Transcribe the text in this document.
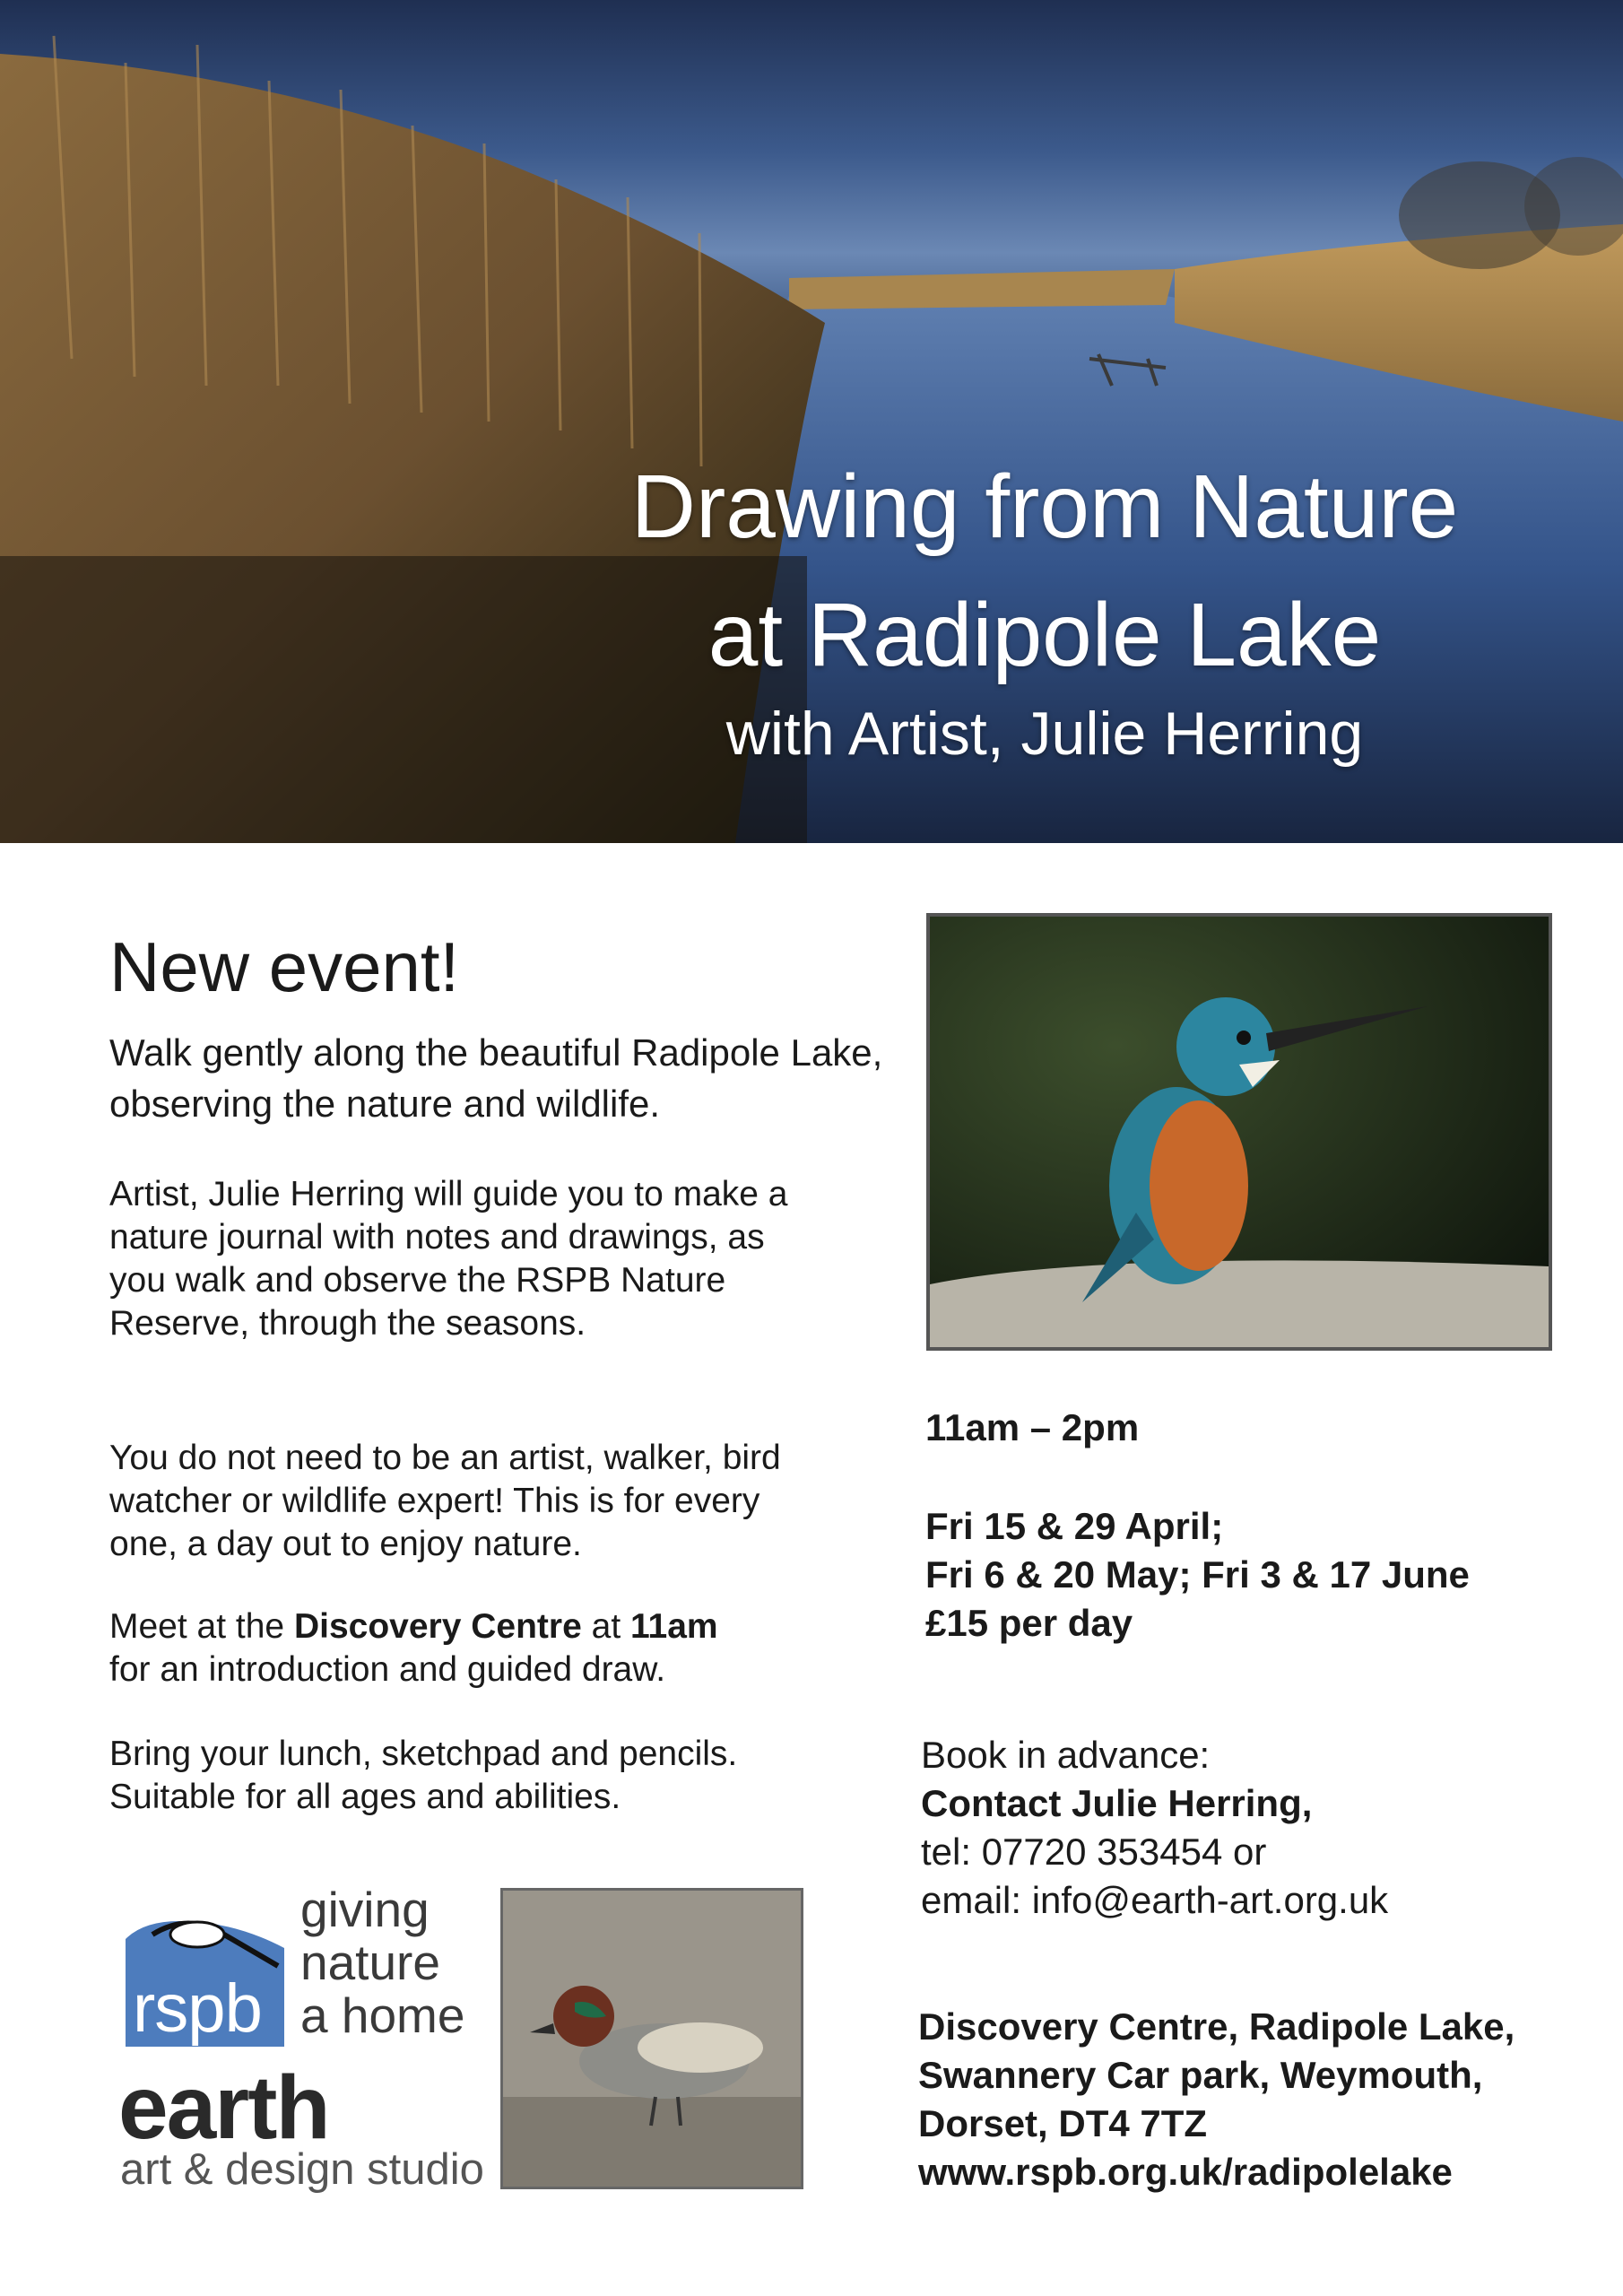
Drawing from Nature
at Radipole Lake
with Artist, Julie Herring
New event!
Walk gently along the beautiful Radipole Lake, observing the nature and wildlife.
Artist, Julie Herring will guide you to make a nature journal with notes and drawings, as you walk and observe the RSPB Nature Reserve, through the seasons.
You do not need to be an artist, walker, bird watcher or wildlife expert! This is for every one, a day out to enjoy nature.
Meet at the Discovery Centre at 11am
for an introduction and guided draw.
Bring your lunch, sketchpad and pencils. Suitable for all ages and abilities.
11am – 2pm
Fri 15 & 29 April;
Fri 6 & 20 May; Fri 3 & 17 June
£15 per day
Book in advance:
Contact Julie Herring,
tel: 07720 353454 or
email: info@earth-art.org.uk
Discovery Centre, Radipole Lake,
Swannery Car park, Weymouth,
Dorset, DT4 7TZ
www.rspb.org.uk/radipolelake
rspb
giving
nature
a home
earth
art & design studio
